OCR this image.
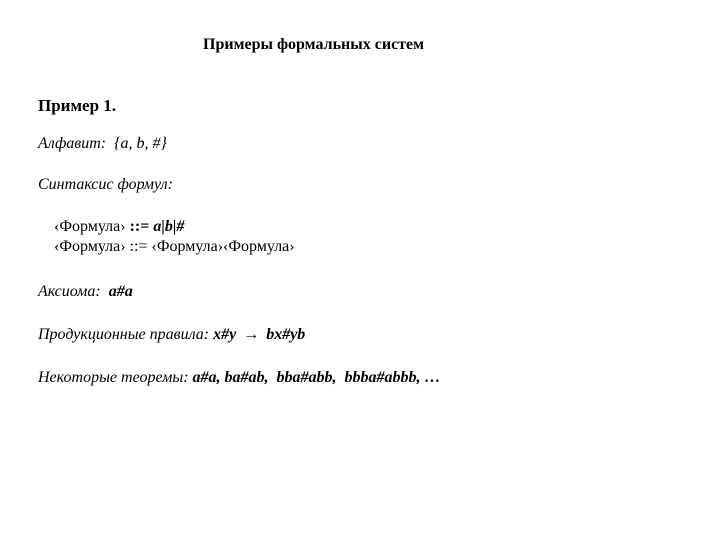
Примеры формальных систем
Пример 1.
Алфавит: {a, b, #}
Синтаксис формул:
‹Формула› ::= a|b|#
‹Формула› ::= ‹Формула›‹Формула›
Аксиома: a#a
Продукционные правила: x#y → bx#yb
Некоторые теоремы: a#a, ba#ab,  bba#abb,  bbba#abbb, …
